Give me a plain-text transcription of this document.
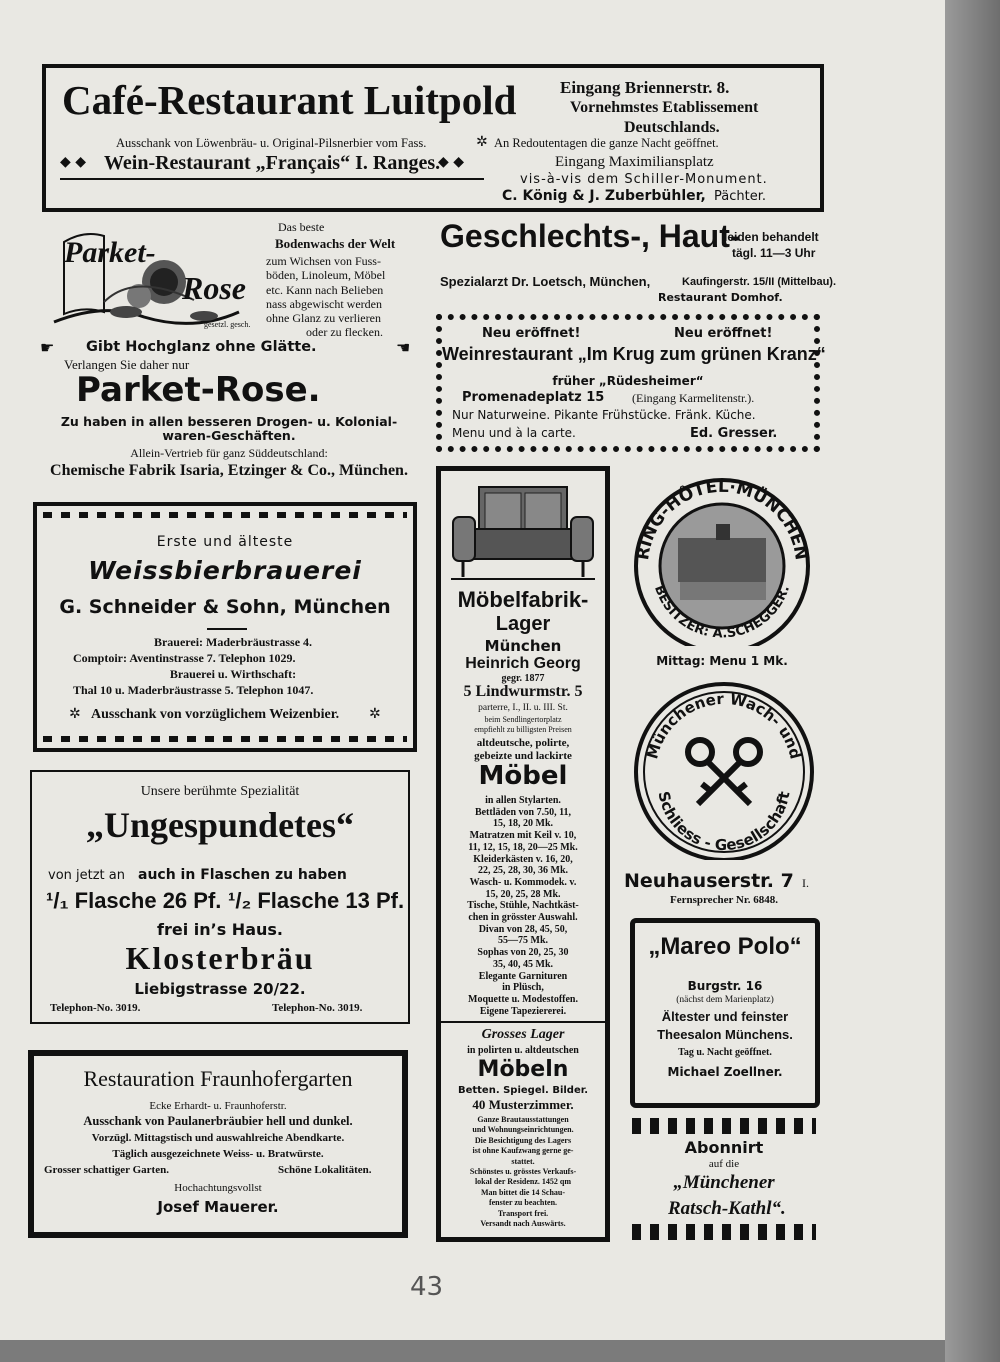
Café-Restaurant Luitpold	Eingang Briennerstr. 8.
Vornehmstes Etablissement
Deutschlands.
Ausschank von Löwenbräu- u. Original-Pilsnerbier vom Fass.	✲ An Redoutentagen die ganze Nacht geöffnet.
◆ ◆ Wein-Restaurant „Français“ I. Ranges.
◆ ◆	Eingang Maximiliansplatz
vis-à-vis dem Schiller-Monument.
C. König & J. Zuberbühler, Pächter.
Parket-
Rose
gesetzl. gesch.
Das beste
Bodenwachs der Welt
zum Wichsen von Fuss-
böden, Linoleum, Möbel
etc. Kann nach Belieben
nass abgewischt werden
ohne Glanz zu verlieren
oder zu flecken.
☛ Gibt Hochglanz ohne Glätte.	☚
Verlangen Sie daher nur
Parket-Rose.
Zu haben in allen besseren Drogen- u. Kolonial-
waren-Geschäften.
Allein-Vertrieb für ganz Süddeutschland:
Chemische Fabrik Isaria, Etzinger & Co., München.
Erste und älteste
Weissbierbrauerei
G. Schneider & Sohn, München
Brauerei: Maderbräustrasse 4.
Comptoir: Aventinstrasse 7. Telephon 1029.
Brauerei u. Wirthschaft:
Thal 10 u. Maderbräustrasse 5. Telephon 1047.
✲ Ausschank von vorzüglichem Weizenbier. ✲
Unsere berühmte Spezialität
„Ungespundetes“
von jetzt an auch in Flaschen zu haben
¹/₁ Flasche 26 Pf. ¹/₂ Flasche 13 Pf.
frei in’s Haus.
Klosterbräu
Liebigstrasse 20/22.
Telephon-No. 3019.	Telephon-No. 3019.
Restauration Fraunhofergarten
Ecke Erhardt- u. Fraunhoferstr.
Ausschank von Paulanerbräubier hell und dunkel.
Vorzügl. Mittagstisch und auswahlreiche Abendkarte.
Täglich ausgezeichnete Weiss- u. Bratwürste.
Grosser schattiger Garten.	Schöne Lokalitäten.
Hochachtungsvollst
Josef Mauerer.
Geschlechts-, Haut-
leiden behandelt
tägl. 11—3 Uhr
Spezialarzt Dr. Loetsch, München,	Kaufingerstr. 15/II (Mittelbau).
Restaurant Domhof.
Neu eröffnet!	Neu eröffnet!
Weinrestaurant „Im Krug zum grünen Kranz“
früher „Rüdesheimer“
Promenadeplatz 15 (Eingang Karmelitenstr.).
Nur Naturweine. Pikante Frühstücke. Fränk. Küche.
Menu und à la carte.	Ed. Gresser.
Möbelfabrik-
Lager
München
Heinrich Georg
gegr. 1877
5 Lindwurmstr. 5
parterre, I., II. u. III. St.
beim Sendlingertorplatz
empfiehlt zu billigsten Preisen
altdeutsche, polirte,
gebeizte und lackirte
Möbel
in allen Stylarten.
Bettläden von 7.50, 11,
15, 18, 20 Mk.
Matratzen mit Keil v. 10,
11, 12, 15, 18, 20—25 Mk.
Kleiderkästen v. 16, 20,
22, 25, 28, 30, 36 Mk.
Wasch- u. Kommodek. v.
15, 20, 25, 28 Mk.
Tische, Stühle, Nachtkäst-
chen in grösster Auswahl.
Divan von 28, 45, 50,
55—75 Mk.
Sophas von 20, 25, 30
35, 40, 45 Mk.
Elegante Garnituren
in Plüsch,
Moquette u. Modestoffen.
Eigene Tapeziererei.
Grosses Lager
in polirten u. altdeutschen
Möbeln
Betten. Spiegel. Bilder.
40 Musterzimmer.
Ganze Brautausstattungen
und Wohnungseinrichtungen.
Die Besichtigung des Lagers
ist ohne Kaufzwang gerne ge-
stattet.
Schönstes u. grösstes Verkaufs-
lokal der Residenz. 1452 qm
Man bittet die 14 Schau-
fenster zu beachten.
Transport frei.
Versandt nach Auswärts.
RING-HÔTEL·MÜNCHEN
BESITZER: A.SCHEGGER.
Mittag: Menu 1 Mk.
Münchener Wach- und
Schliess - Gesellschaft
Neuhauserstr. 7 I.
Fernsprecher Nr. 6848.
„Mareo Polo“
Burgstr. 16
(nächst dem Marienplatz)
Ältester und feinster
Theesalon Münchens.
Tag u. Nacht geöffnet.
Michael Zoellner.
Abonnirt
auf die
„Münchener
Ratsch-Kathl“.
43
